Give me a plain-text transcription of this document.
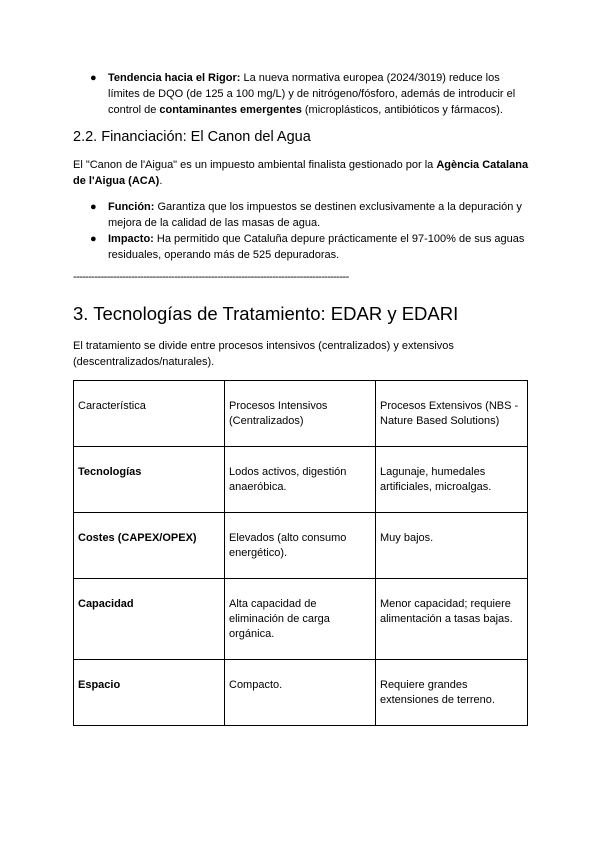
● Tendencia hacia el Rigor: La nueva normativa europea (2024/3019) reduce los límites de DQO (de 125 a 100 mg/L) y de nitrógeno/fósforo, además de introducir el control de contaminantes emergentes (microplásticos, antibióticos y fármacos).
2.2. Financiación: El Canon del Agua

El "Canon de l'Aigua" es un impuesto ambiental finalista gestionado por la Agència Catalana de l'Aigua (ACA).

● Función: Garantiza que los impuestos se destinen exclusivamente a la depuración y mejora de la calidad de las masas de agua.
● Impacto: Ha permitido que Cataluña depure prácticamente el 97-100% de sus aguas residuales, operando más de 525 depuradoras.
------------------------------------------------------------------------------------------
3. Tecnologías de Tratamiento: EDAR y EDARI

El tratamiento se divide entre procesos intensivos (centralizados) y extensivos (descentralizados/naturales).

Característica	Procesos Intensivos (Centralizados)	Procesos Extensivos (NBS - Nature Based Solutions)
Tecnologías	Lodos activos, digestión anaeróbica.	Lagunaje, humedales artificiales, microalgas.
Costes (CAPEX/OPEX)	Elevados (alto consumo energético).	Muy bajos.
Capacidad	Alta capacidad de eliminación de carga orgánica.	Menor capacidad; requiere alimentación a tasas bajas.
Espacio	Compacto.	Requiere grandes extensiones de terreno.
